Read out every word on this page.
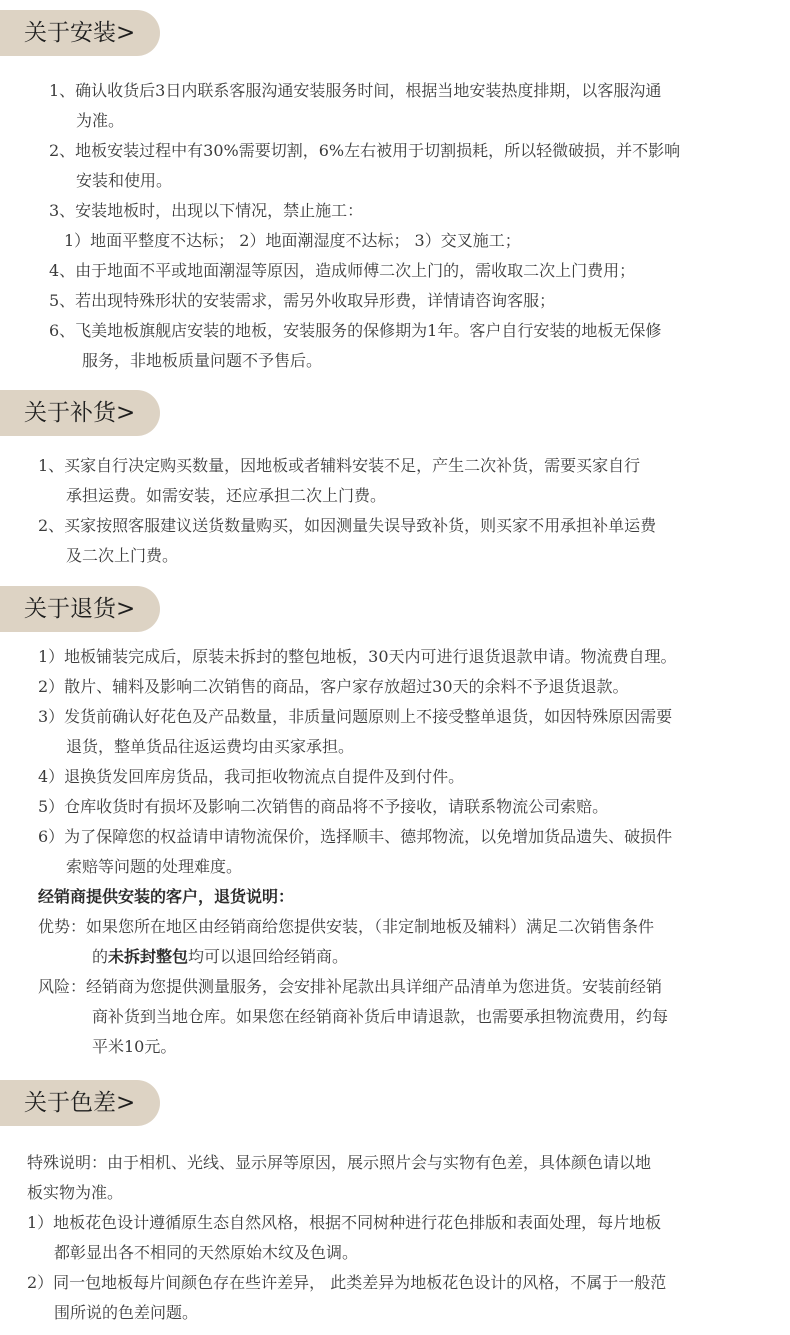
关于安装>
1、确认收货后3日内联系客服沟通安装服务时间，根据当地安装热度排期，以客服沟通
为准。
2、地板安装过程中有30%需要切割，6%左右被用于切割损耗，所以轻微破损，并不影响
安装和使用。
3、安装地板时，出现以下情况，禁止施工：
1）地面平整度不达标； 2）地面潮湿度不达标； 3）交叉施工；
4、由于地面不平或地面潮湿等原因，造成师傅二次上门的，需收取二次上门费用；
5、若出现特殊形状的安装需求，需另外收取异形费，详情请咨询客服；
6、飞美地板旗舰店安装的地板，安装服务的保修期为1年。客户自行安装的地板无保修
服务，非地板质量问题不予售后。
关于补货>
1、买家自行决定购买数量，因地板或者辅料安装不足，产生二次补货，需要买家自行
承担运费。如需安装，还应承担二次上门费。
2、买家按照客服建议送货数量购买，如因测量失误导致补货，则买家不用承担补单运费
及二次上门费。
关于退货>
1）地板铺装完成后，原装未拆封的整包地板，30天内可进行退货退款申请。物流费自理。
2）散片、辅料及影响二次销售的商品，客户家存放超过30天的余料不予退货退款。
3）发货前确认好花色及产品数量，非质量问题原则上不接受整单退货，如因特殊原因需要
退货，整单货品往返运费均由买家承担。
4）退换货发回库房货品，我司拒收物流点自提件及到付件。
5）仓库收货时有损坏及影响二次销售的商品将不予接收，请联系物流公司索赔。
6）为了保障您的权益请申请物流保价，选择顺丰、德邦物流，以免增加货品遗失、破损件
索赔等问题的处理难度。
经销商提供安装的客户，退货说明：
优势：如果您所在地区由经销商给您提供安装，（非定制地板及辅料）满足二次销售条件
的未拆封整包均可以退回给经销商。
风险：经销商为您提供测量服务，会安排补尾款出具详细产品清单为您进货。安装前经销
商补货到当地仓库。如果您在经销商补货后申请退款，也需要承担物流费用，约每
平米10元。
关于色差>
特殊说明：由于相机、光线、显示屏等原因，展示照片会与实物有色差，具体颜色请以地
板实物为准。
1）地板花色设计遵循原生态自然风格，根据不同树种进行花色排版和表面处理，每片地板
都彰显出各不相同的天然原始木纹及色调。
2）同一包地板每片间颜色存在些许差异， 此类差异为地板花色设计的风格，不属于一般范
围所说的色差问题。
